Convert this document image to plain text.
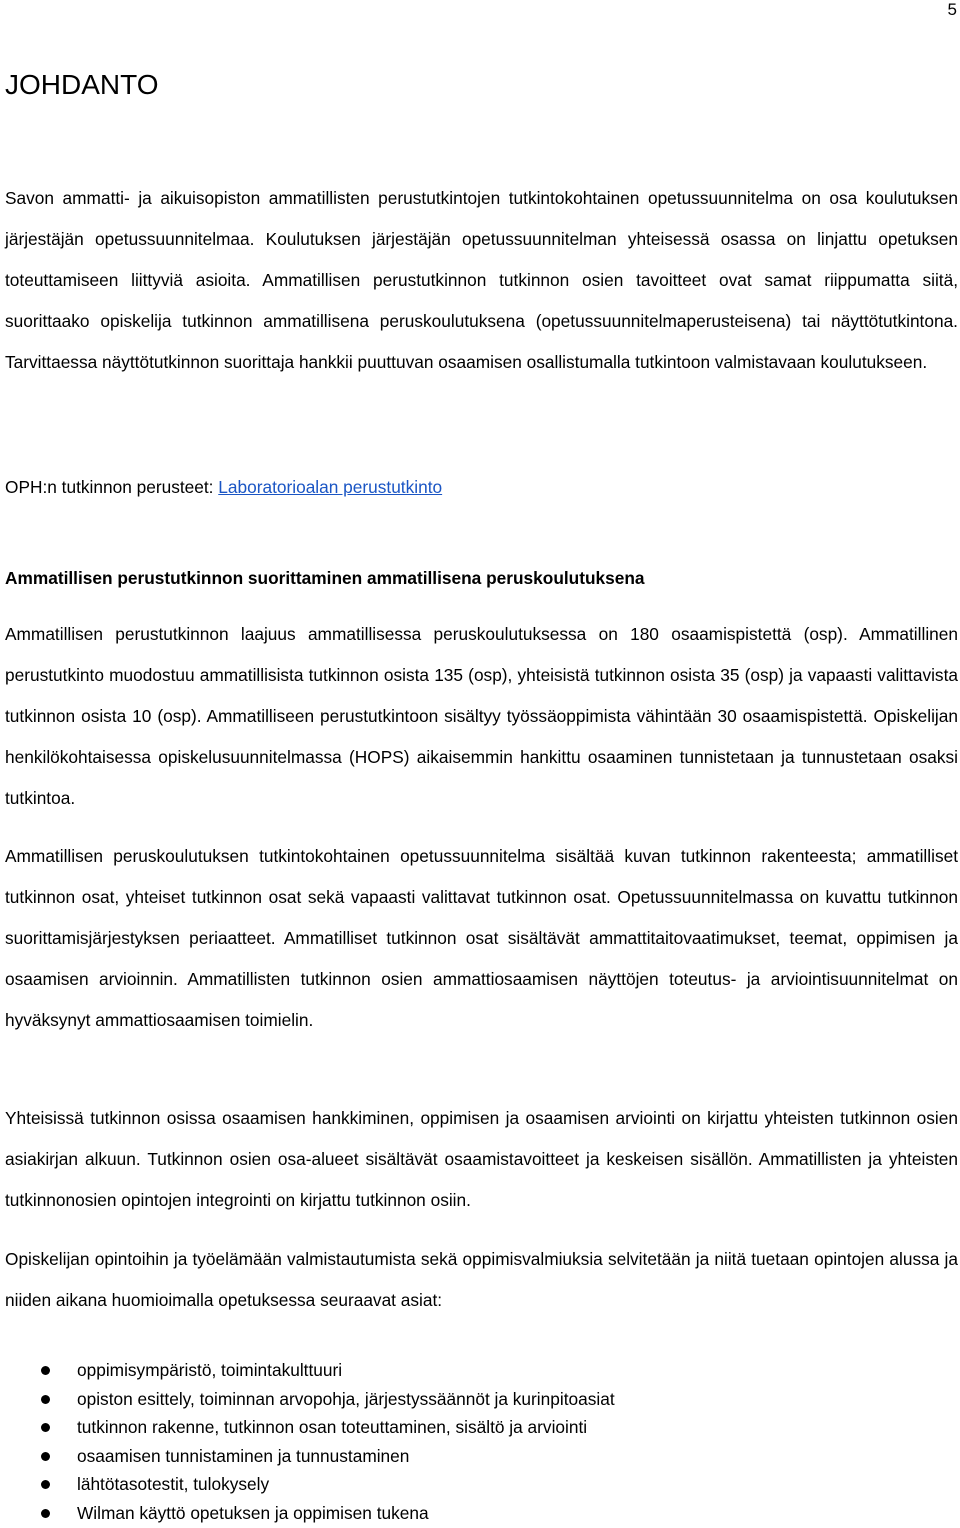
5
JOHDANTO

Savon ammatti- ja aikuisopiston ammatillisten perustutkintojen tutkintokohtainen opetussuunnitelma on osa koulutuksen järjestäjän opetussuunnitelmaa. Koulutuksen järjestäjän opetussuunnitelman yhteisessä osassa on linjattu opetuksen toteuttamiseen liittyviä asioita. Ammatillisen perustutkinnon tutkinnon osien tavoitteet ovat samat riippumatta siitä, suorittaako opiskelija tutkinnon ammatillisena peruskoulutuksena (opetussuunnitelmaperusteisena) tai näyttötutkintona. Tarvittaessa näyttötutkinnon suorittaja hankkii puuttuvan osaamisen osallistumalla tutkintoon valmistavaan koulutukseen.

OPH:n tutkinnon perusteet: Laboratorioalan perustutkinto

Ammatillisen perustutkinnon suorittaminen ammatillisena peruskoulutuksena

Ammatillisen perustutkinnon laajuus ammatillisessa peruskoulutuksessa on 180 osaamispistettä (osp). Ammatillinen perustutkinto muodostuu ammatillisista tutkinnon osista 135 (osp), yhteisistä tutkinnon osista 35 (osp) ja vapaasti valittavista tutkinnon osista 10 (osp). Ammatilliseen perustutkintoon sisältyy työssäoppimista vähintään 30 osaamispistettä. Opiskelijan henkilökohtaisessa opiskelusuunnitelmassa (HOPS) aikaisemmin hankittu osaaminen tunnistetaan ja tunnustetaan osaksi tutkintoa.

Ammatillisen peruskoulutuksen tutkintokohtainen opetussuunnitelma sisältää kuvan tutkinnon rakenteesta; ammatilliset tutkinnon osat, yhteiset tutkinnon osat sekä vapaasti valittavat tutkinnon osat. Opetussuunnitelmassa on kuvattu tutkinnon suorittamisjärjestyksen periaatteet. Ammatilliset tutkinnon osat sisältävät ammattitaitovaatimukset, teemat, oppimisen ja osaamisen arvioinnin. Ammatillisten tutkinnon osien ammattiosaamisen näyttöjen toteutus- ja arviointisuunnitelmat on hyväksynyt ammattiosaamisen toimielin.

Yhteisissä tutkinnon osissa osaamisen hankkiminen, oppimisen ja osaamisen arviointi on kirjattu yhteisten tutkinnon osien asiakirjan alkuun. Tutkinnon osien osa-alueet sisältävät osaamistavoitteet ja keskeisen sisällön. Ammatillisten ja yhteisten tutkinnonosien opintojen integrointi on kirjattu tutkinnon osiin.

Opiskelijan opintoihin ja työelämään valmistautumista sekä oppimisvalmiuksia selvitetään ja niitä tuetaan opintojen alussa ja niiden aikana huomioimalla opetuksessa seuraavat asiat:

oppimisympäristö, toimintakulttuuri
opiston esittely, toiminnan arvopohja, järjestyssäännöt ja kurinpitoasiat
tutkinnon rakenne, tutkinnon osan toteuttaminen, sisältö ja arviointi
osaamisen tunnistaminen ja tunnustaminen
lähtötasotestit, tulokysely
Wilman käyttö opetuksen ja oppimisen tukena
